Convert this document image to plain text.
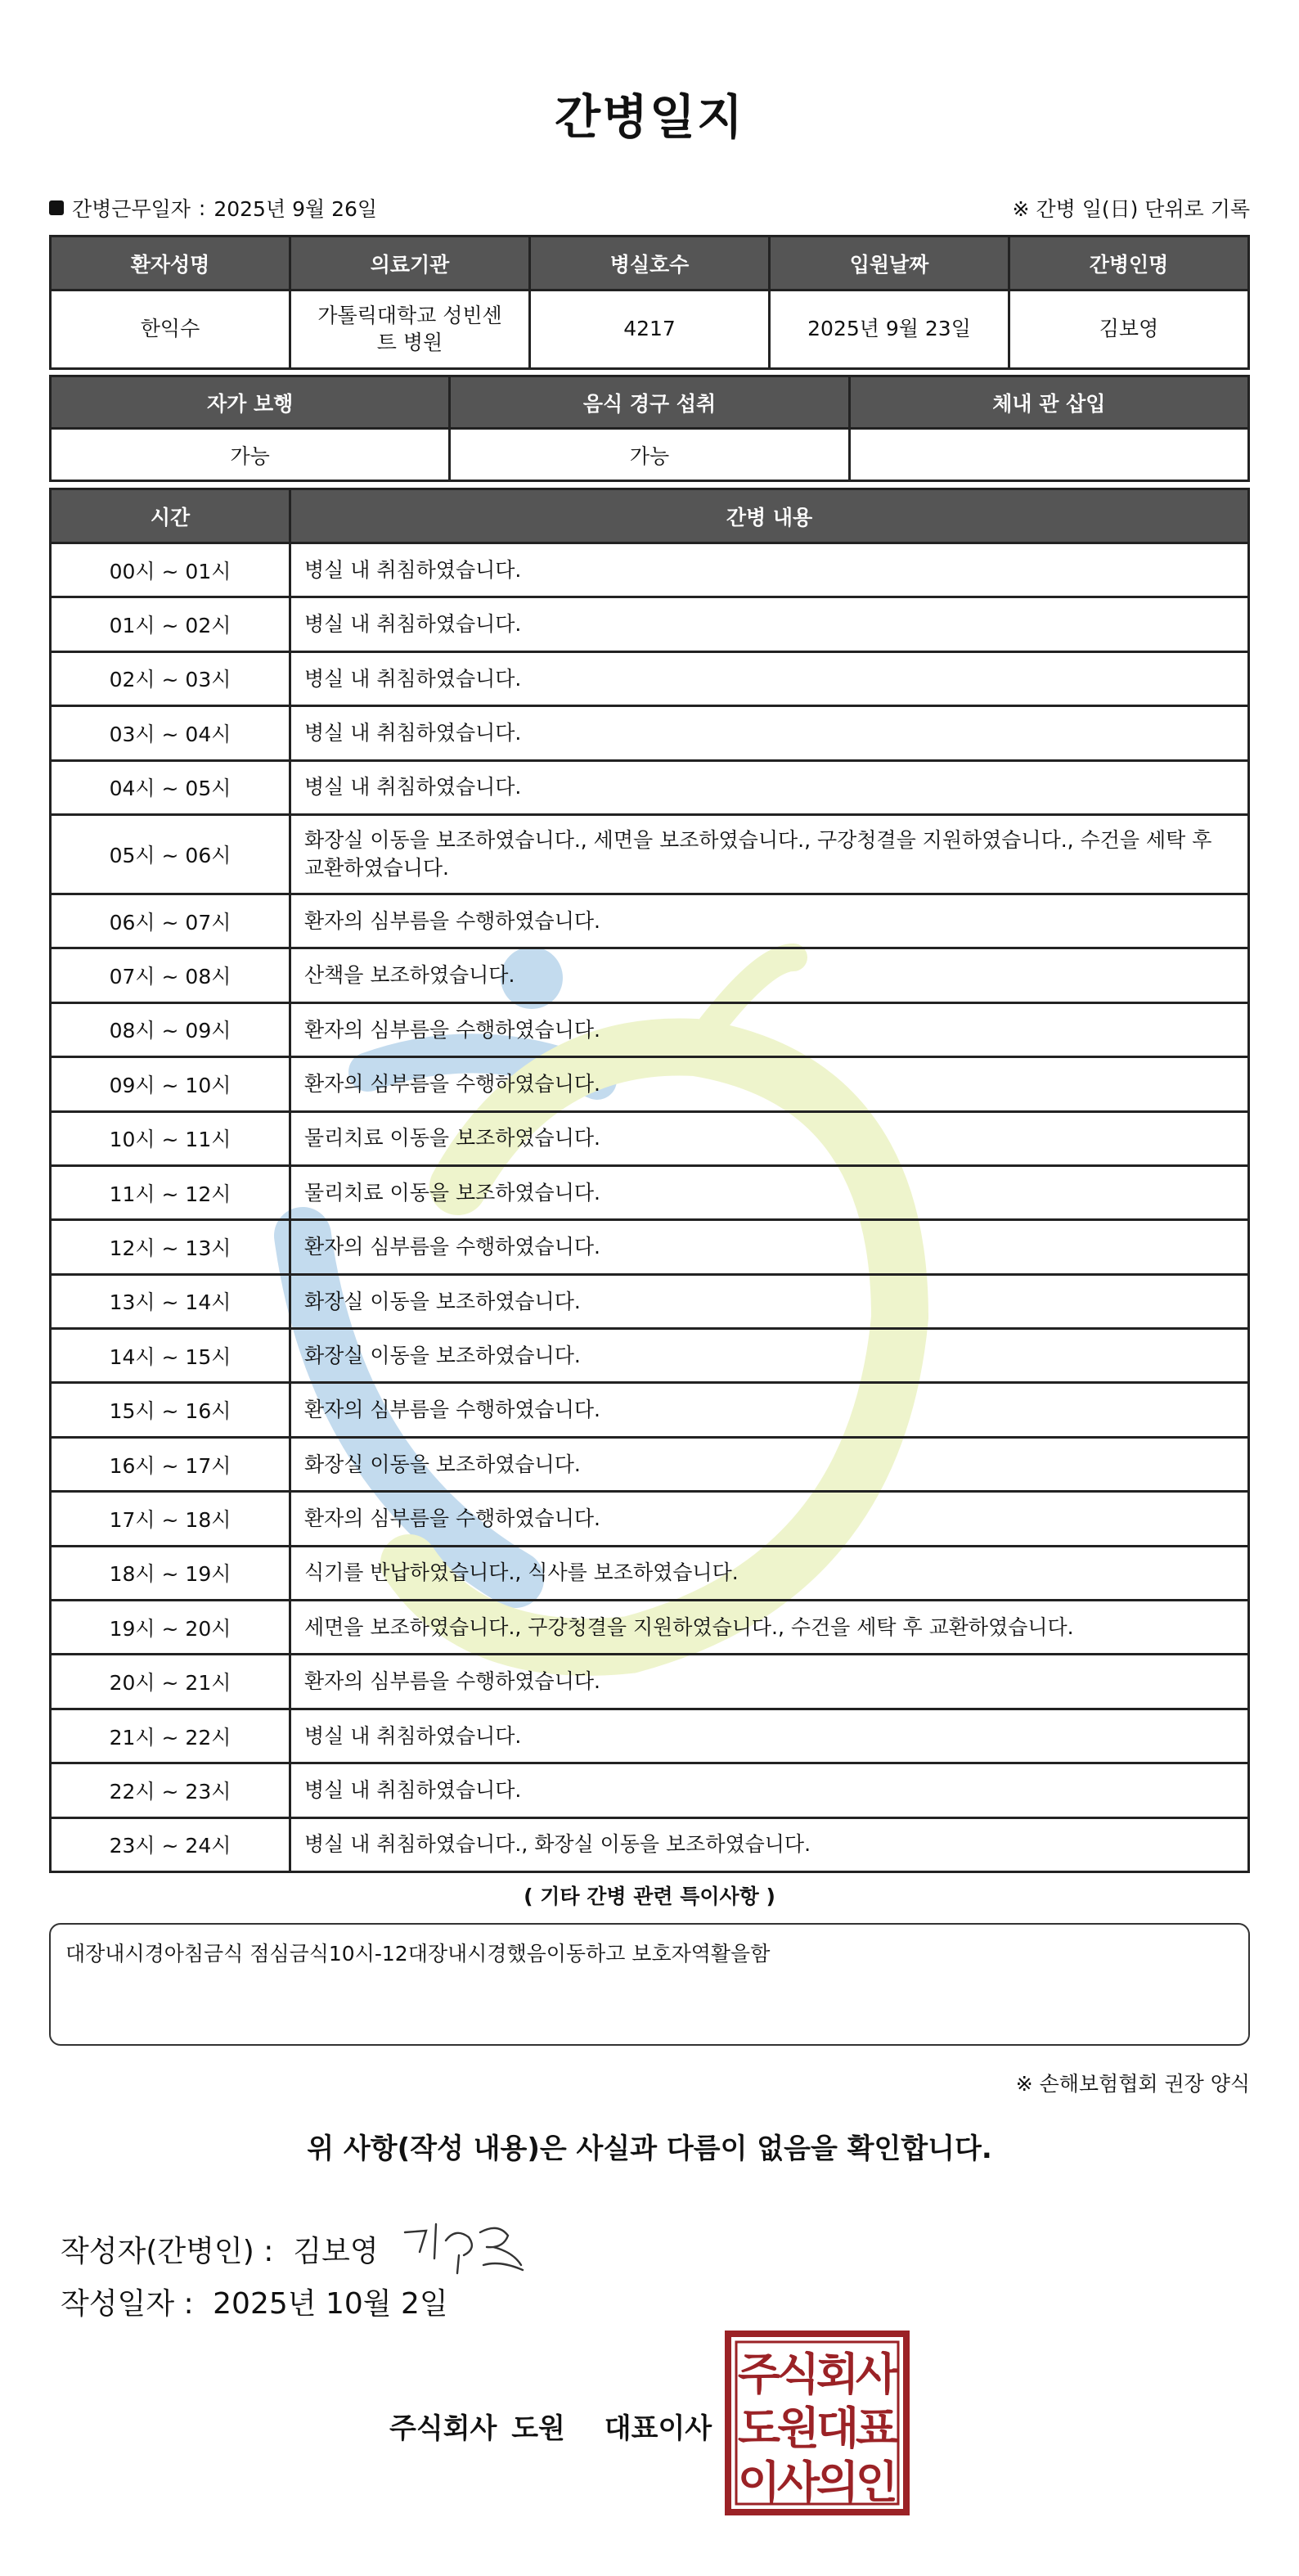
간병일지
간병근무일자 : 2025년 9월 26일	※ 간병 일(日) 단위로 기록
환자성명	의료기관	병실호수	입원날짜	간병인명
한익수	가톨릭대학교 성빈센트 병원	4217	2025년 9월 23일	김보영
자가 보행	음식 경구 섭취	체내 관 삽입
가능	가능	
시간	간병 내용
00시 ~ 01시	병실 내 취침하였습니다.
01시 ~ 02시	병실 내 취침하였습니다.
02시 ~ 03시	병실 내 취침하였습니다.
03시 ~ 04시	병실 내 취침하였습니다.
04시 ~ 05시	병실 내 취침하였습니다.
05시 ~ 06시	화장실 이동을 보조하였습니다., 세면을 보조하였습니다., 구강청결을 지원하였습니다., 수건을 세탁 후 교환하였습니다.
06시 ~ 07시	환자의 심부름을 수행하였습니다.
07시 ~ 08시	산책을 보조하였습니다.
08시 ~ 09시	환자의 심부름을 수행하였습니다.
09시 ~ 10시	환자의 심부름을 수행하였습니다.
10시 ~ 11시	물리치료 이동을 보조하였습니다.
11시 ~ 12시	물리치료 이동을 보조하였습니다.
12시 ~ 13시	환자의 심부름을 수행하였습니다.
13시 ~ 14시	화장실 이동을 보조하였습니다.
14시 ~ 15시	화장실 이동을 보조하였습니다.
15시 ~ 16시	환자의 심부름을 수행하였습니다.
16시 ~ 17시	화장실 이동을 보조하였습니다.
17시 ~ 18시	환자의 심부름을 수행하였습니다.
18시 ~ 19시	식기를 반납하였습니다., 식사를 보조하였습니다.
19시 ~ 20시	세면을 보조하였습니다., 구강청결을 지원하였습니다., 수건을 세탁 후 교환하였습니다.
20시 ~ 21시	환자의 심부름을 수행하였습니다.
21시 ~ 22시	병실 내 취침하였습니다.
22시 ~ 23시	병실 내 취침하였습니다.
23시 ~ 24시	병실 내 취침하였습니다., 화장실 이동을 보조하였습니다.
( 기타 간병 관련 특이사항 )
대장내시경아침금식 점심금식10시-12대장내시경했음이동하고 보호자역활을함
※ 손해보험협회 권장 양식
위 사항(작성 내용)은 사실과 다름이 없음을 확인합니다.
작성자(간병인) : 김보영
작성일자 : 2025년 10월 2일
주식회사 도원 대표이사
주
식
회
사
도
원
대
표
이
사
의
인
